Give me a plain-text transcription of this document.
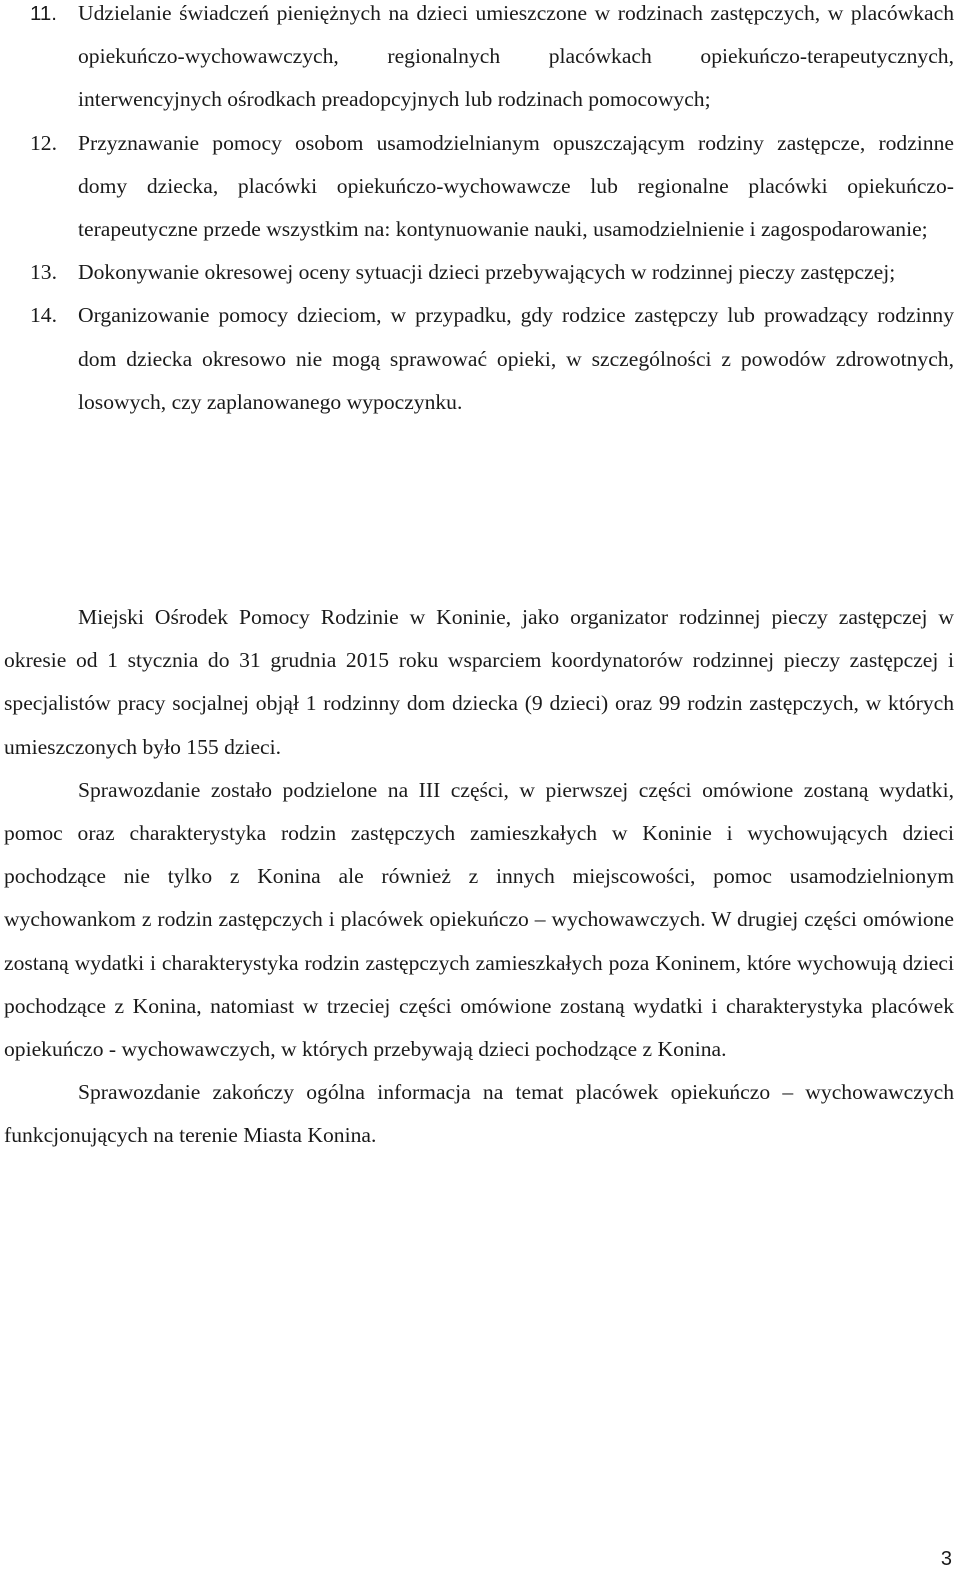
11. Udzielanie świadczeń pieniężnych na dzieci umieszczone w rodzinach zastępczych, w placówkach opiekuńczo-wychowawczych, regionalnych placówkach opiekuńczo-terapeutycznych, interwencyjnych ośrodkach preadopcyjnych lub rodzinach pomocowych;
12. Przyznawanie pomocy osobom usamodzielnianym opuszczającym rodziny zastępcze, rodzinne domy dziecka, placówki opiekuńczo-wychowawcze lub regionalne placówki opiekuńczo-terapeutyczne przede wszystkim na: kontynuowanie nauki, usamodzielnienie i zagospodarowanie;
13. Dokonywanie okresowej oceny sytuacji dzieci przebywających w rodzinnej pieczy zastępczej;
14. Organizowanie pomocy dzieciom, w przypadku, gdy rodzice zastępczy lub prowadzący rodzinny dom dziecka okresowo nie mogą sprawować opieki, w szczególności z powodów zdrowotnych, losowych, czy zaplanowanego wypoczynku.

Miejski Ośrodek Pomocy Rodzinie w Koninie, jako organizator rodzinnej pieczy zastępczej w okresie od 1 stycznia do 31 grudnia 2015 roku wsparciem koordynatorów rodzinnej pieczy zastępczej i specjalistów pracy socjalnej objął 1 rodzinny dom dziecka (9 dzieci) oraz 99 rodzin zastępczych, w których umieszczonych było 155 dzieci.

Sprawozdanie zostało podzielone na III części, w pierwszej części omówione zostaną wydatki, pomoc oraz charakterystyka rodzin zastępczych zamieszkałych w Koninie i wychowujących dzieci pochodzące nie tylko z Konina ale również z innych miejscowości, pomoc usamodzielnionym wychowankom z rodzin zastępczych i placówek opiekuńczo – wychowawczych. W drugiej części omówione zostaną wydatki i charakterystyka rodzin zastępczych zamieszkałych poza Koninem, które wychowują dzieci pochodzące z Konina, natomiast w trzeciej części omówione zostaną wydatki i charakterystyka placówek opiekuńczo - wychowawczych, w których przebywają dzieci pochodzące z Konina.

Sprawozdanie zakończy ogólna informacja na temat placówek opiekuńczo – wychowawczych funkcjonujących na terenie Miasta Konina.

3
